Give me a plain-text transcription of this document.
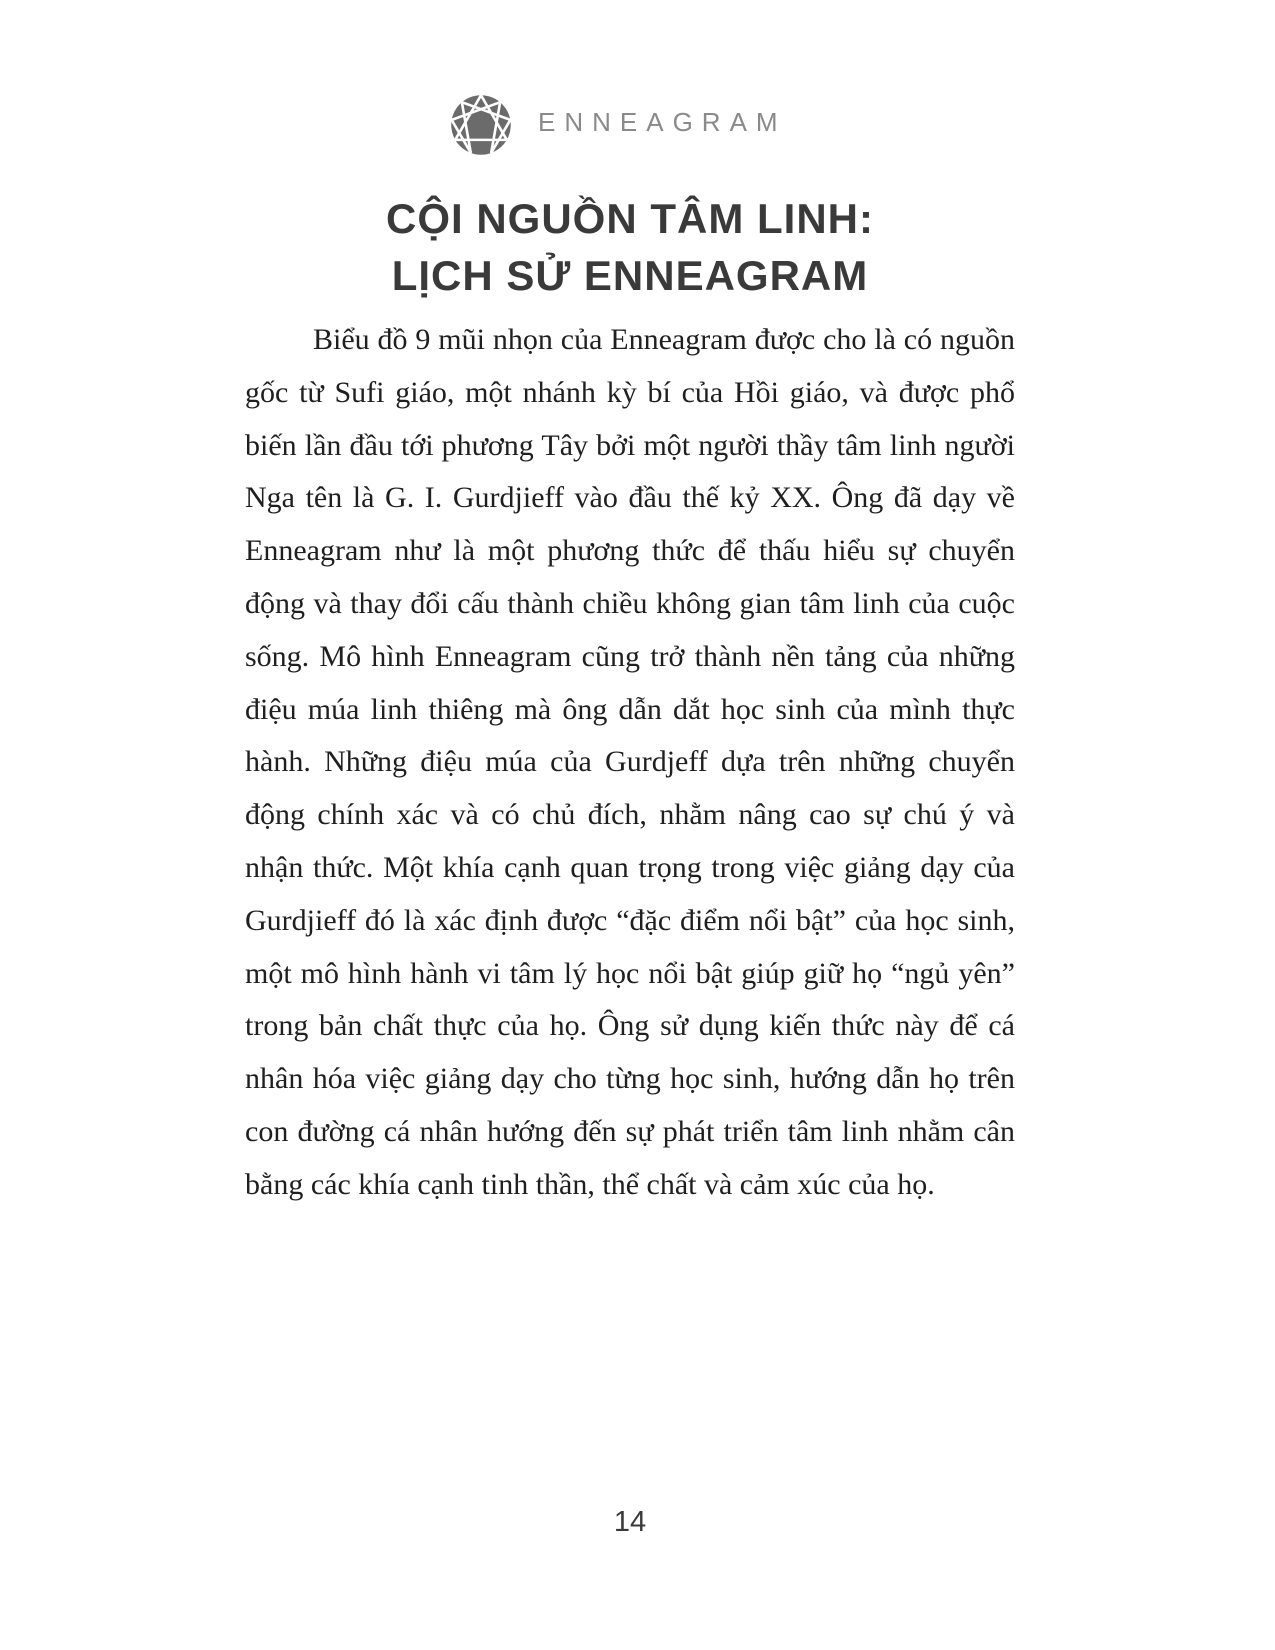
ENNEAGRAM
CỘI NGUỒN TÂM LINH:
LỊCH SỬ ENNEAGRAM

Biểu đồ 9 mũi nhọn của Enneagram được cho là có nguồn gốc từ Sufi giáo, một nhánh kỳ bí của Hồi giáo, và được phổ biến lần đầu tới phương Tây bởi một người thầy tâm linh người Nga tên là G. I. Gurdjieff vào đầu thế kỷ XX. Ông đã dạy về Enneagram như là một phương thức để thấu hiểu sự chuyển động và thay đổi cấu thành chiều không gian tâm linh của cuộc sống. Mô hình Enneagram cũng trở thành nền tảng của những điệu múa linh thiêng mà ông dẫn dắt học sinh của mình thực hành. Những điệu múa của Gurdjeff dựa trên những chuyển động chính xác và có chủ đích, nhằm nâng cao sự chú ý và nhận thức. Một khía cạnh quan trọng trong việc giảng dạy của Gurdjieff đó là xác định được “đặc điểm nổi bật” của học sinh, một mô hình hành vi tâm lý học nổi bật giúp giữ họ “ngủ yên” trong bản chất thực của họ. Ông sử dụng kiến thức này để cá nhân hóa việc giảng dạy cho từng học sinh, hướng dẫn họ trên con đường cá nhân hướng đến sự phát triển tâm linh nhằm cân bằng các khía cạnh tinh thần, thể chất và cảm xúc của họ.

14
